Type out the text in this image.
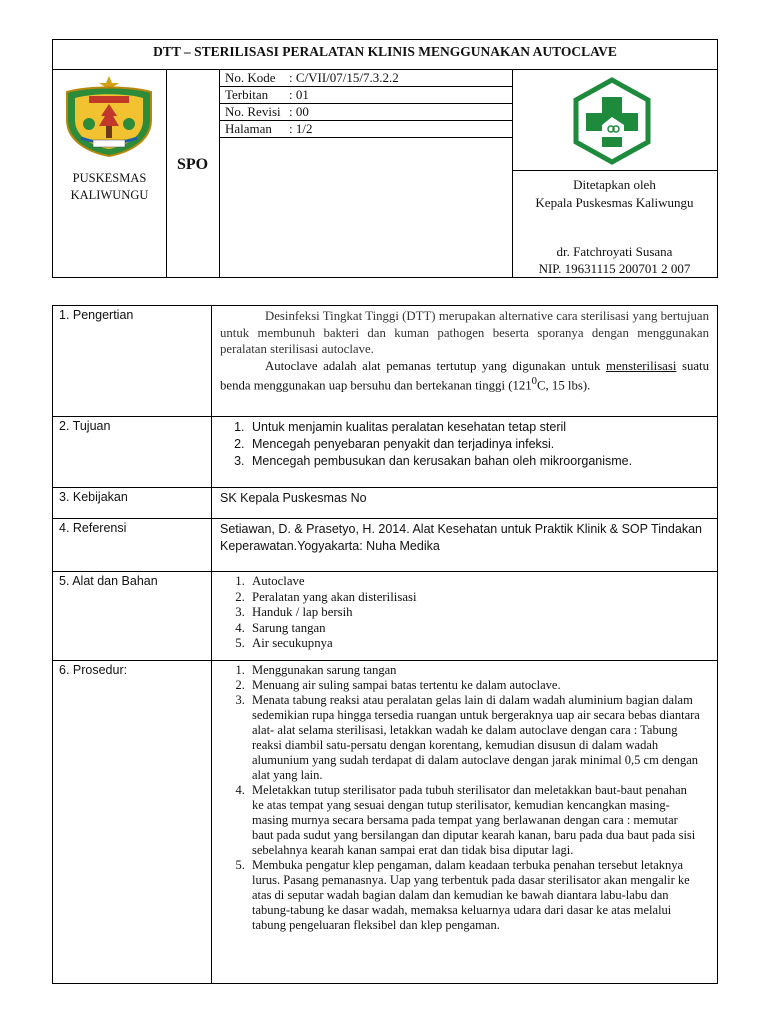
DTT – STERILISASI PERALATAN KLINIS MENGGUNAKAN AUTOCLAVE
PUSKESMAS
KALIWUNGU
SPO
No. Kode : C/VII/07/15/7.3.2.2
Terbitan : 01
No. Revisi : 00
Halaman : 1/2
Ditetapkan oleh
Kepala Puskesmas Kaliwungu
dr. Fatchroyati Susana
NIP. 19631115 200701 2 007
1. Pengertian	Desinfeksi Tingkat Tinggi (DTT) merupakan alternative cara sterilisasi yang bertujuan untuk membunuh bakteri dan kuman pathogen beserta sporanya dengan menggunakan peralatan sterilisasi autoclave.

Autoclave adalah alat pemanas tertutup yang digunakan untuk mensterilisasi suatu benda menggunakan uap bersuhu dan bertekanan tinggi ($121^0C$, 15 lbs).

2. Tujuan	1. Untuk menjamin kualitas peralatan kesehatan tetap steril
2. Mencegah penyebaran penyakit dan terjadinya infeksi.
3. Mencegah pembusukan dan kerusakan bahan oleh mikroorganisme.
3. Kebijakan	SK Kepala Puskesmas No
4. Referensi	Setiawan, D. & Prasetyo, H. 2014. Alat Kesehatan untuk Praktik Klinik & SOP Tindakan Keperawatan.Yogyakarta: Nuha Medika
5. Alat dan Bahan	1. Autoclave
2. Peralatan yang akan disterilisasi
3. Handuk / lap bersih
4. Sarung tangan
5. Air secukupnya
6. Prosedur:	1. Menggunakan sarung tangan
2. Menuang air suling sampai batas tertentu ke dalam autoclave.
3. Menata tabung reaksi atau peralatan gelas lain di dalam wadah aluminium bagian dalam sedemikian rupa hingga tersedia ruangan untuk bergeraknya uap air secara bebas diantara alat- alat selama sterilisasi, letakkan wadah ke dalam autoclave dengan cara : Tabung reaksi diambil satu-persatu dengan korentang, kemudian disusun di dalam wadah alumunium yang sudah terdapat di dalam autoclave dengan jarak minimal 0,5 cm dengan alat yang lain.
4. Meletakkan tutup sterilisator pada tubuh sterilisator dan meletakkan baut-baut penahan ke atas tempat yang sesuai dengan tutup sterilisator, kemudian kencangkan masing-masing murnya secara bersama pada tempat yang berlawanan dengan cara : memutar baut pada sudut yang bersilangan dan diputar kearah kanan, baru pada dua baut pada sisi sebelahnya kearah kanan sampai erat dan tidak bisa diputar lagi.
5. Membuka pengatur klep pengaman, dalam keadaan terbuka penahan tersebut letaknya lurus. Pasang pemanasnya. Uap yang terbentuk pada dasar sterilisator akan mengalir ke atas di seputar wadah bagian dalam dan kemudian ke bawah diantara labu-labu dan tabung-tabung ke dasar wadah, memaksa keluarnya udara dari dasar ke atas melalui tabung pengeluaran fleksibel dan klep pengaman.
